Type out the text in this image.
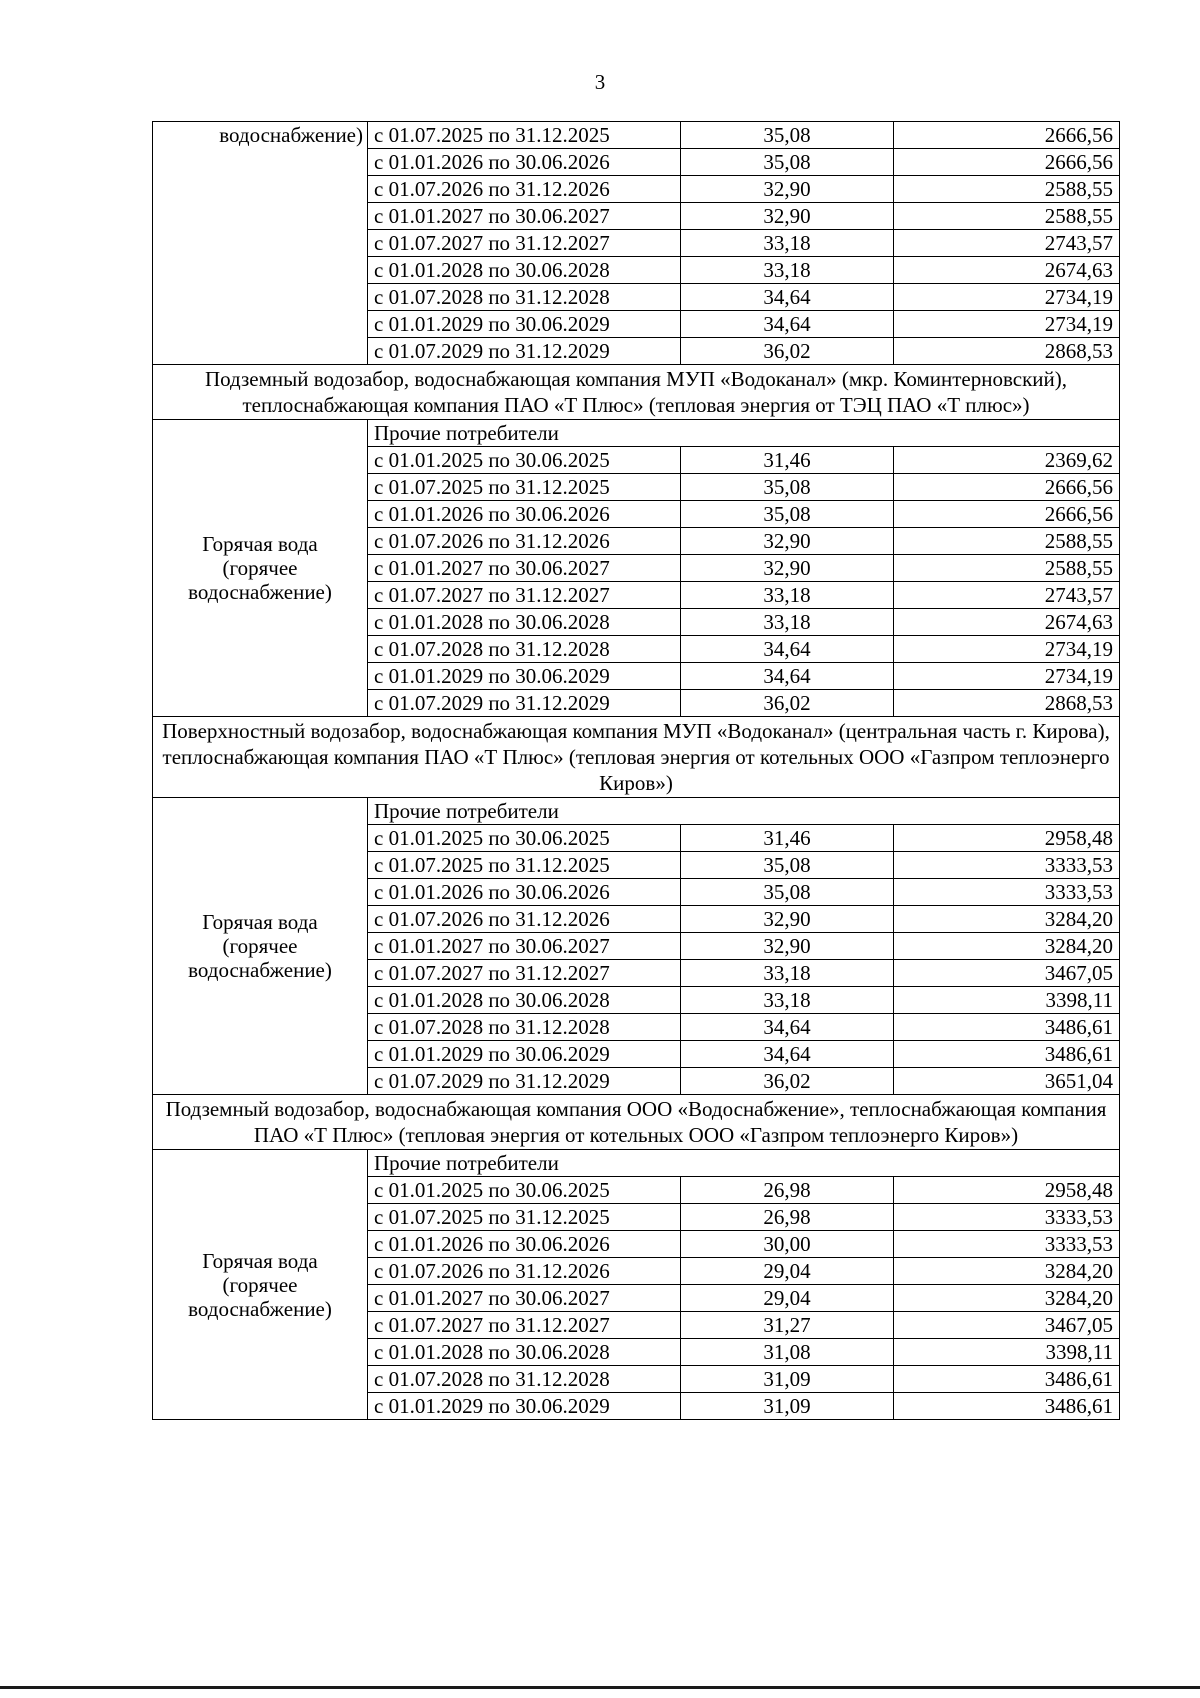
3
водоснабжение)	с 01.07.2025 по 31.12.2025	35,08	2666,56
	с 01.01.2026 по 30.06.2026	35,08	2666,56
	с 01.07.2026 по 31.12.2026	32,90	2588,55
	с 01.01.2027 по 30.06.2027	32,90	2588,55
	с 01.07.2027 по 31.12.2027	33,18	2743,57
	с 01.01.2028 по 30.06.2028	33,18	2674,63
	с 01.07.2028 по 31.12.2028	34,64	2734,19
	с 01.01.2029 по 30.06.2029	34,64	2734,19
	с 01.07.2029 по 31.12.2029	36,02	2868,53
Подземный водозабор, водоснабжающая компания МУП «Водоканал» (мкр. Коминтерновский), теплоснабжающая компания ПАО «Т Плюс» (тепловая энергия от ТЭЦ ПАО «Т плюс»)			

Горячая вода
(горячее
водоснабжение)	Прочие потребители		
	с 01.01.2025 по 30.06.2025	31,46	2369,62
	с 01.07.2025 по 31.12.2025	35,08	2666,56
	с 01.01.2026 по 30.06.2026	35,08	2666,56
	с 01.07.2026 по 31.12.2026	32,90	2588,55
	с 01.01.2027 по 30.06.2027	32,90	2588,55
	с 01.07.2027 по 31.12.2027	33,18	2743,57
	с 01.01.2028 по 30.06.2028	33,18	2674,63
	с 01.07.2028 по 31.12.2028	34,64	2734,19
	с 01.01.2029 по 30.06.2029	34,64	2734,19
	с 01.07.2029 по 31.12.2029	36,02	2868,53
Поверхностный водозабор, водоснабжающая компания МУП «Водоканал» (центральная часть г. Кирова), теплоснабжающая компания ПАО «Т Плюс» (тепловая энергия от котельных ООО «Газпром теплоэнерго Киров»)			

Горячая вода
(горячее
водоснабжение)	Прочие потребители		
	с 01.01.2025 по 30.06.2025	31,46	2958,48
	с 01.07.2025 по 31.12.2025	35,08	3333,53
	с 01.01.2026 по 30.06.2026	35,08	3333,53
	с 01.07.2026 по 31.12.2026	32,90	3284,20
	с 01.01.2027 по 30.06.2027	32,90	3284,20
	с 01.07.2027 по 31.12.2027	33,18	3467,05
	с 01.01.2028 по 30.06.2028	33,18	3398,11
	с 01.07.2028 по 31.12.2028	34,64	3486,61
	с 01.01.2029 по 30.06.2029	34,64	3486,61
	с 01.07.2029 по 31.12.2029	36,02	3651,04
Подземный водозабор, водоснабжающая компания ООО «Водоснабжение», теплоснабжающая компания ПАО «Т Плюс» (тепловая энергия от котельных ООО «Газпром теплоэнерго Киров»)			

Горячая вода
(горячее
водоснабжение)	Прочие потребители		
	с 01.01.2025 по 30.06.2025	26,98	2958,48
	с 01.07.2025 по 31.12.2025	26,98	3333,53
	с 01.01.2026 по 30.06.2026	30,00	3333,53
	с 01.07.2026 по 31.12.2026	29,04	3284,20
	с 01.01.2027 по 30.06.2027	29,04	3284,20
	с 01.07.2027 по 31.12.2027	31,27	3467,05
	с 01.01.2028 по 30.06.2028	31,08	3398,11
	с 01.07.2028 по 31.12.2028	31,09	3486,61
	с 01.01.2029 по 30.06.2029	31,09	3486,61
